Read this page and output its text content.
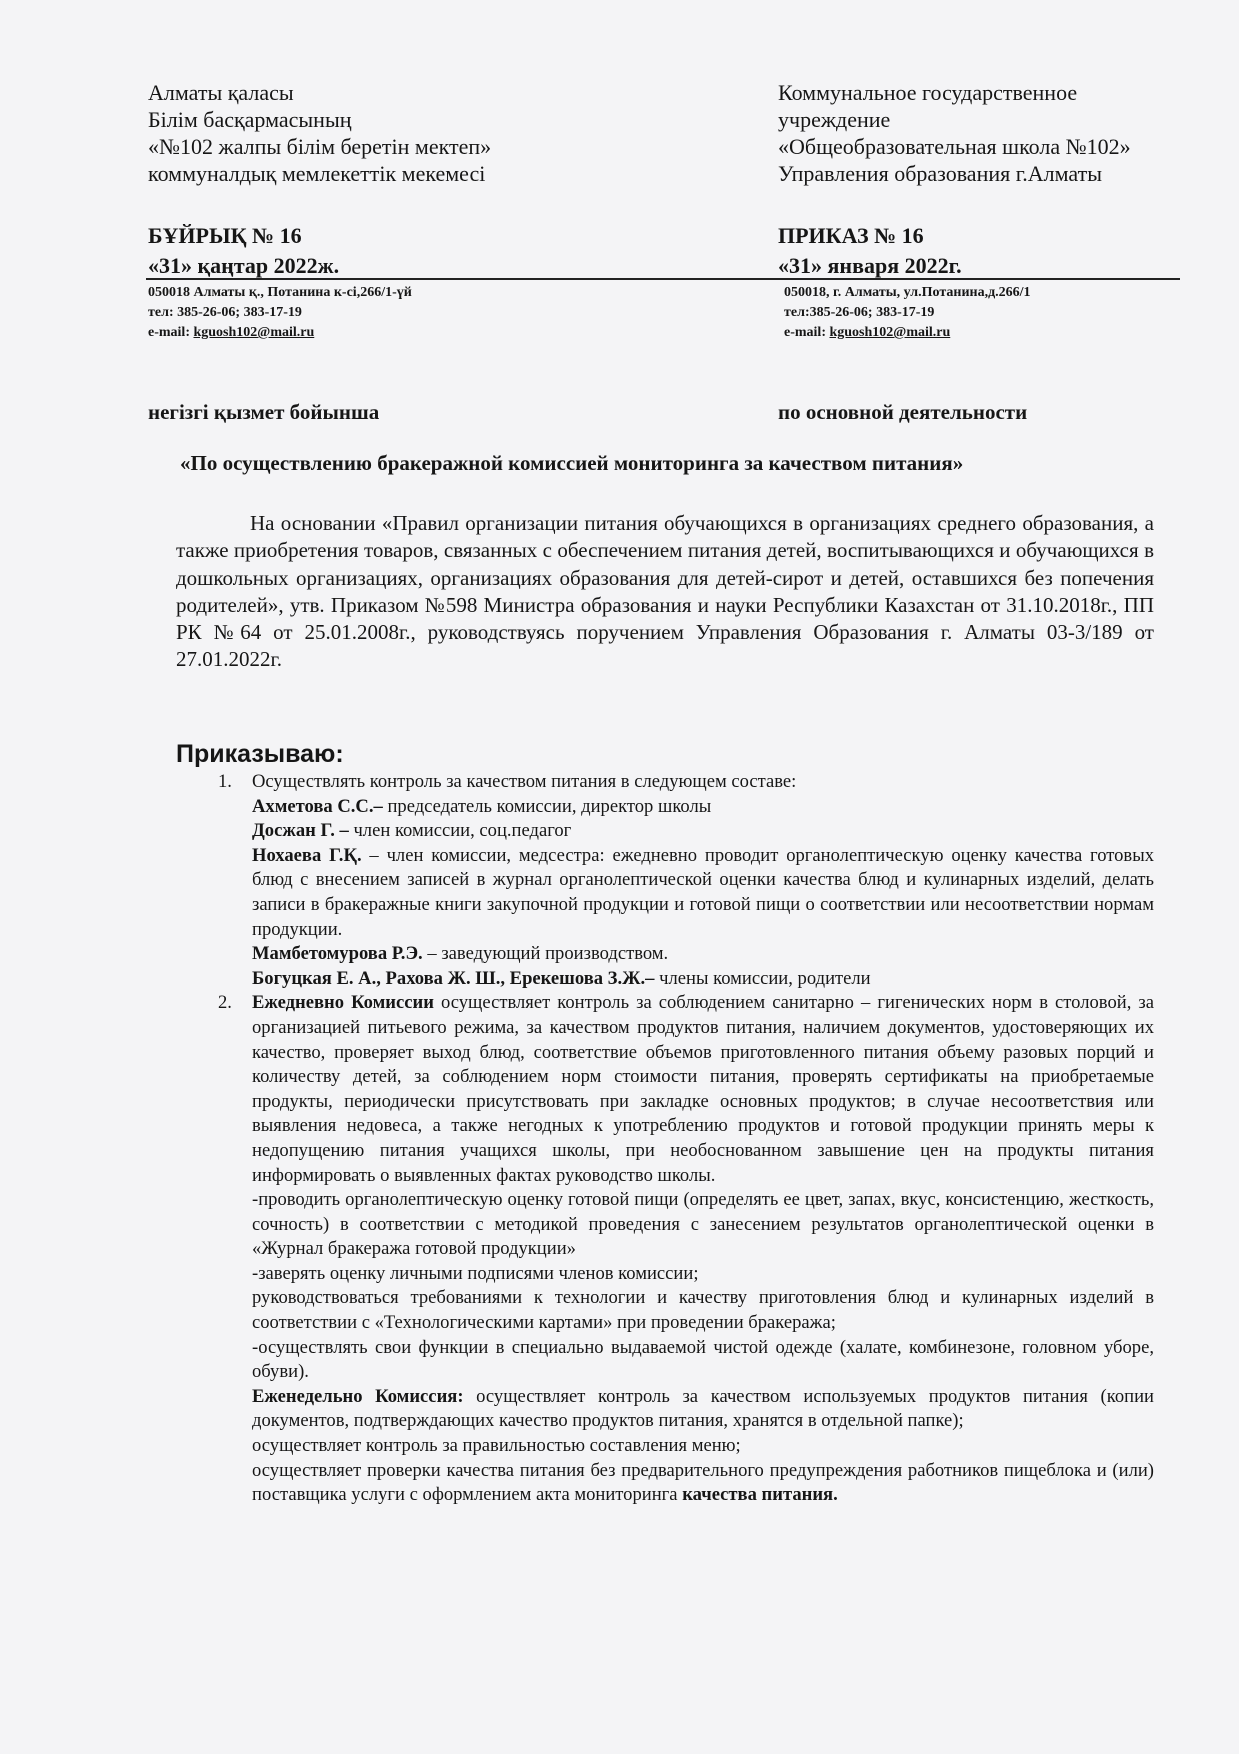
Алматы қаласы
Білім басқармасының
«№102 жалпы білім беретін мектеп»
коммуналдық мемлекеттік мекемесі
Коммунальное государственное
учреждение
«Общеобразовательная школа №102»
Управления образования г.Алматы
БҰЙРЫҚ № 16
«31» қаңтар 2022ж.
ПРИКАЗ № 16
«31» января 2022г.
050018 Алматы қ., Потанина к-сі,266/1-үй
тел: 385-26-06; 383-17-19
e-mail: kguosh102@mail.ru
050018, г. Алматы, ул.Потанина,д.266/1
тел:385-26-06; 383-17-19
e-mail: kguosh102@mail.ru
негізгі қызмет бойынша	по основной деятельности
«По осуществлению бракеражной комиссией мониторинга за качеством питания»
На основании «Правил организации питания обучающихся в организациях среднего образования, а также приобретения товаров, связанных с обеспечением питания детей, воспитывающихся и обучающихся в дошкольных организациях, организациях образования для детей-сирот и детей, оставшихся без попечения родителей», утв. Приказом №598 Министра образования и науки Республики Казахстан от 31.10.2018г., ПП РК №64 от 25.01.2008г., руководствуясь поручением Управления Образования г. Алматы 03-3/189 от 27.01.2022г.
Приказываю:
1. Осуществлять контроль за качеством питания в следующем составе:

Ахметова С.С.– председатель комиссии, директор школы

Досжан Г. – член комиссии, соц.педагог

Нохаева Г.Қ. – член комиссии, медсестра: ежедневно проводит органолептическую оценку качества готовых блюд с внесением записей в журнал органолептической оценки качества блюд и кулинарных изделий, делать записи в бракеражные книги закупочной продукции и готовой пищи о соответствии или несоответствии нормам продукции.

Мамбетомурова Р.Э. – заведующий производством.

Богуцкая Е. А., Рахова Ж. Ш., Ерекешова З.Ж.– члены комиссии, родители

2. Ежедневно Комиссии осуществляет контроль за соблюдением санитарно – гигенических норм в столовой, за организацией питьевого режима, за качеством продуктов питания, наличием документов, удостоверяющих их качество, проверяет выход блюд, соответствие объемов приготовленного питания объему разовых порций и количеству детей, за соблюдением норм стоимости питания, проверять сертификаты на приобретаемые продукты, периодически присутствовать при закладке основных продуктов; в случае несоответствия или выявления недовеса, а также негодных к употреблению продуктов и готовой продукции принять меры к недопущению питания учащихся школы, при необоснованном завышение цен на продукты питания информировать о выявленных фактах руководство школы.

-проводить органолептическую оценку готовой пищи (определять ее цвет, запах, вкус, консистенцию, жесткость, сочность) в соответствии с методикой проведения с занесением результатов органолептической оценки в «Журнал бракеража готовой продукции»

-заверять оценку личными подписями членов комиссии;

руководствоваться требованиями к технологии и качеству приготовления блюд и кулинарных изделий в соответствии с «Технологическими картами» при проведении бракеража;

-осуществлять свои функции в специально выдаваемой чистой одежде (халате, комбинезоне, головном уборе, обуви).

Еженедельно Комиссия: осуществляет контроль за качеством используемых продуктов питания (копии документов, подтверждающих качество продуктов питания, хранятся в отдельной папке);

осуществляет контроль за правильностью составления меню;

осуществляет проверки качества питания без предварительного предупреждения работников пищеблока и (или) поставщика услуги с оформлением акта мониторинга качества питания.
